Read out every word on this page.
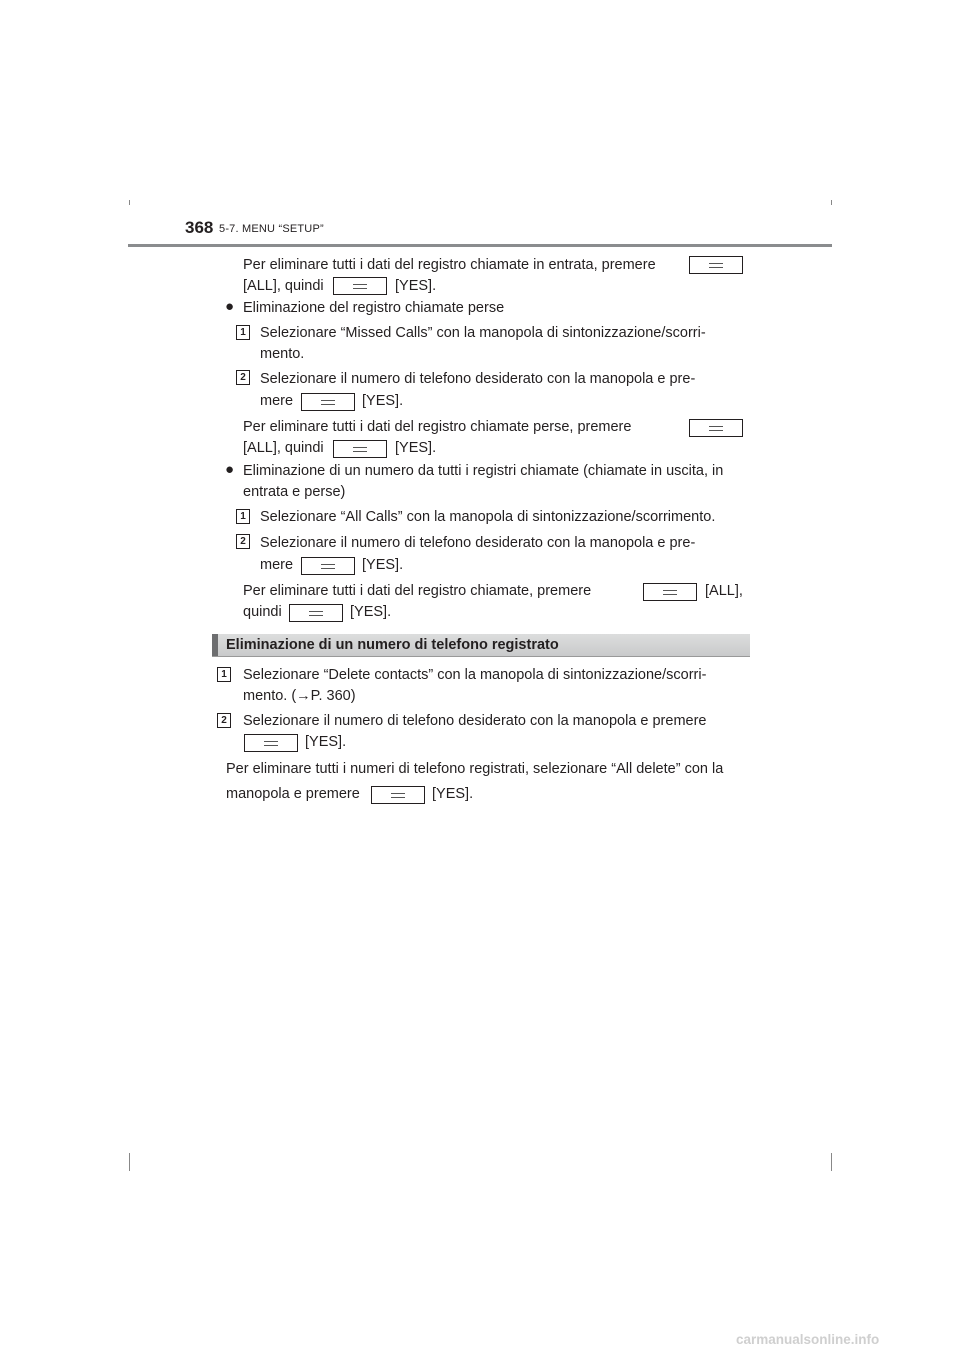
368 5-7. MENU “SETUP”
Per eliminare tutti i dati del registro chiamate in entrata, premere
[ALL], quindi	[YES].
● Eliminazione del registro chiamate perse
1 Selezionare “Missed Calls” con la manopola di sintonizzazione/scorri-
mento.
2 Selezionare il numero di telefono desiderato con la manopola e pre-
mere	[YES].
Per eliminare tutti i dati del registro chiamate perse, premere
[ALL], quindi	[YES].
● Eliminazione di un numero da tutti i registri chiamate (chiamate in uscita, in
entrata e perse)
1 Selezionare “All Calls” con la manopola di sintonizzazione/scorrimento.
2 Selezionare il numero di telefono desiderato con la manopola e pre-
mere	[YES].
Per eliminare tutti i dati del registro chiamate, premere	[ALL],
quindi	[YES].
Eliminazione di un numero di telefono registrato
1 Selezionare “Delete contacts” con la manopola di sintonizzazione/scorri-
mento. (→P. 360)
2 Selezionare il numero di telefono desiderato con la manopola e premere
[YES].
Per eliminare tutti i numeri di telefono registrati, selezionare “All delete” con la
manopola e premere	[YES].
carmanualsonline.info
